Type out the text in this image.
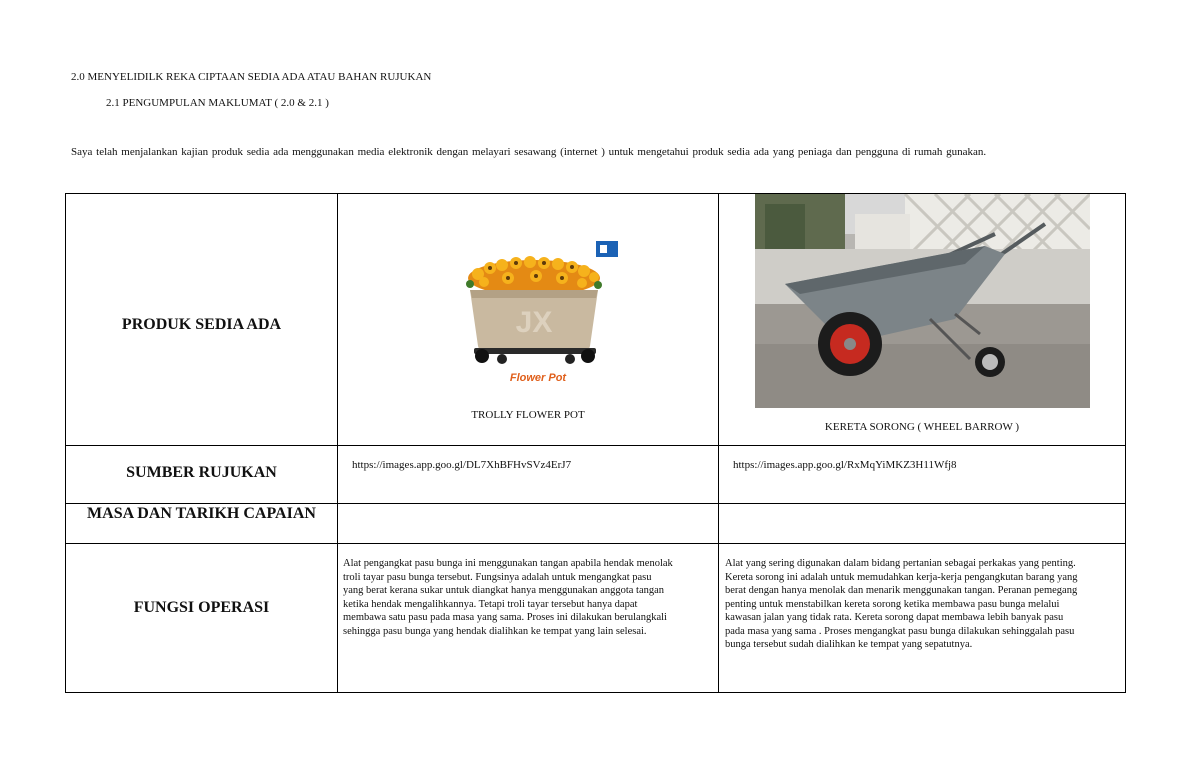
2.0 MENYELIDILK REKA CIPTAAN SEDIA ADA ATAU BAHAN RUJUKAN
2.1 PENGUMPULAN MAKLUMAT ( 2.0 & 2.1 )
Saya telah menjalankan kajian produk sedia ada menggunakan media elektronik dengan melayari sesawang (internet ) untuk mengetahui produk sedia ada yang peniaga dan pengguna di rumah gunakan.
PRODUK SEDIA ADA
SUMBER RUJUKAN
MASA DAN TARIKH CAPAIAN
FUNGSI OPERASI
JX
Flower Pot
TROLLY FLOWER POT
KERETA SORONG ( WHEEL BARROW )
https://images.app.goo.gl/DL7XhBFHvSVz4ErJ7	https://images.app.goo.gl/RxMqYiMKZ3H11Wfj8
Alat pengangkat pasu bunga ini menggunakan tangan apabila hendak menolak
troli tayar pasu bunga tersebut. Fungsinya adalah untuk mengangkat pasu
yang berat kerana sukar untuk diangkat hanya menggunakan anggota tangan
ketika hendak mengalihkannya. Tetapi troli tayar tersebut hanya dapat
membawa satu pasu pada masa yang sama. Proses ini dilakukan berulangkali
sehingga pasu bunga yang hendak dialihkan ke tempat yang lain selesai.
Alat yang sering digunakan dalam bidang pertanian sebagai perkakas yang penting.
Kereta sorong ini adalah untuk memudahkan kerja-kerja pengangkutan barang yang
berat dengan hanya menolak dan menarik menggunakan tangan. Peranan pemegang
penting untuk menstabilkan kereta sorong ketika membawa pasu bunga melalui
kawasan jalan yang tidak rata. Kereta sorong dapat membawa lebih banyak pasu
pada masa yang sama . Proses mengangkat pasu bunga dilakukan sehinggalah pasu
bunga tersebut sudah dialihkan ke tempat yang sepatutnya.
